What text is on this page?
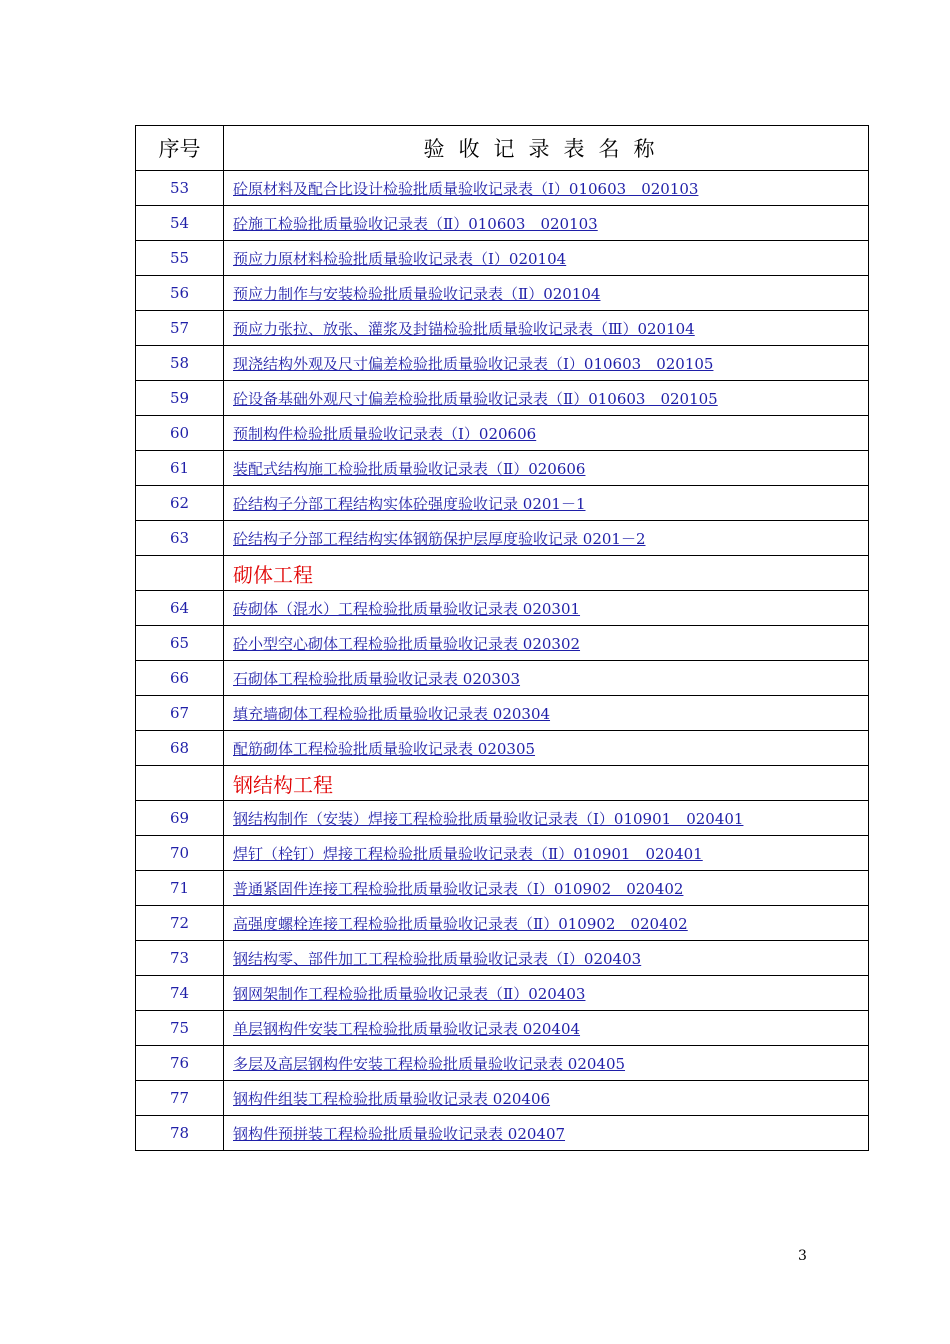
序号	验收记录表名称
53	砼原材料及配合比设计检验批质量验收记录表（Ⅰ）010603　020103
54	砼施工检验批质量验收记录表（Ⅱ）010603　020103
55	预应力原材料检验批质量验收记录表（Ⅰ）020104
56	预应力制作与安装检验批质量验收记录表（Ⅱ）020104
57	预应力张拉、放张、灌浆及封锚检验批质量验收记录表（Ⅲ）020104
58	现浇结构外观及尺寸偏差检验批质量验收记录表（Ⅰ）010603　020105
59	砼设备基础外观尺寸偏差检验批质量验收记录表（Ⅱ）010603　020105
60	预制构件检验批质量验收记录表（Ⅰ）020606
61	装配式结构施工检验批质量验收记录表（Ⅱ）020606
62	砼结构子分部工程结构实体砼强度验收记录 0201－1
63	砼结构子分部工程结构实体钢筋保护层厚度验收记录 0201－2
	砌体工程
64	砖砌体（混水）工程检验批质量验收记录表 020301
65	砼小型空心砌体工程检验批质量验收记录表 020302
66	石砌体工程检验批质量验收记录表 020303
67	填充墙砌体工程检验批质量验收记录表 020304
68	配筋砌体工程检验批质量验收记录表 020305
	钢结构工程
69	钢结构制作（安装）焊接工程检验批质量验收记录表（Ⅰ）010901　020401
70	焊钉（栓钉）焊接工程检验批质量验收记录表（Ⅱ）010901　020401
71	普通紧固件连接工程检验批质量验收记录表（Ⅰ）010902　020402
72	高强度螺栓连接工程检验批质量验收记录表（Ⅱ）010902　020402
73	钢结构零、部件加工工程检验批质量验收记录表（Ⅰ）020403
74	钢网架制作工程检验批质量验收记录表（Ⅱ）020403
75	单层钢构件安装工程检验批质量验收记录表 020404
76	多层及高层钢构件安装工程检验批质量验收记录表 020405
77	钢构件组装工程检验批质量验收记录表 020406
78	钢构件预拼装工程检验批质量验收记录表 020407
3
